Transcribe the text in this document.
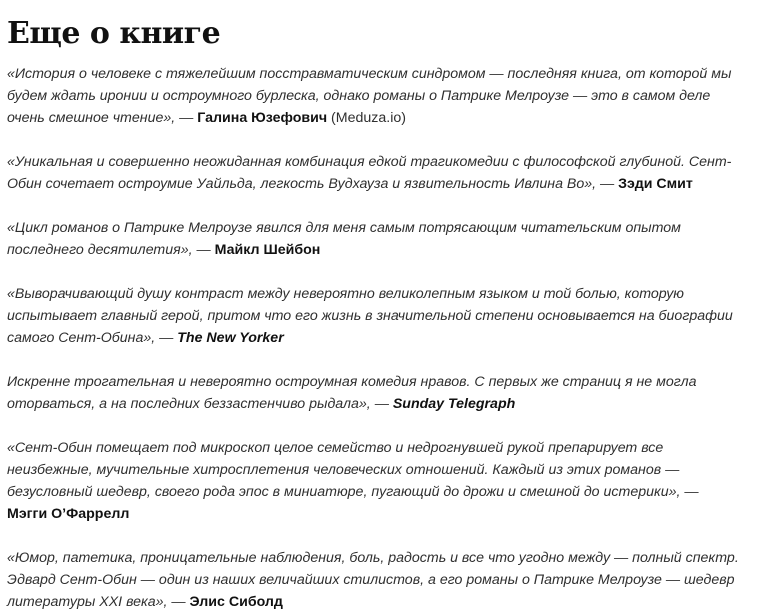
Еще о книге

«История о человеке с тяжелейшим посстравматическим синдромом — последняя книга, от которой мы
будем ждать иронии и остроумного бурлеска, однако романы о Патрике Мелроузе — это в самом деле
очень смешное чтение», — Галина Юзефович (Meduza.io)

«Уникальная и совершенно неожиданная комбинация едкой трагикомедии с философской глубиной. Сент-
Обин сочетает остроумие Уайльда, легкость Вудхауза и язвительность Ивлина Во», — Зэди Смит

«Цикл романов о Патрике Мелроузе явился для меня самым потрясающим читательским опытом
последнего десятилетия», — Майкл Шейбон

«Выворачивающий душу контраст между невероятно великолепным языком и той болью, которую
испытывает главный герой, притом что его жизнь в значительной степени основывается на биографии
самого Сент-Обина», — The New Yorker

Искренне трогательная и невероятно остроумная комедия нравов. С первых же страниц я не могла
оторваться, а на последних беззастенчиво рыдала», — Sunday Telegraph

«Сент-Обин помещает под микроскоп целое семейство и недрогнувшей рукой препарирует все
неизбежные, мучительные хитросплетения человеческих отношений. Каждый из этих романов —
безусловный шедевр, своего рода эпос в миниатюре, пугающий до дрожи и смешной до истерики», —
Мэгги О’Фаррелл

«Юмор, патетика, проницательные наблюдения, боль, радость и все что угодно между — полный спектр.
Эдвард Сент-Обин — один из наших величайших стилистов, а его романы о Патрике Мелроузе — шедевр
литературы XXI века», — Элис Сиболд
